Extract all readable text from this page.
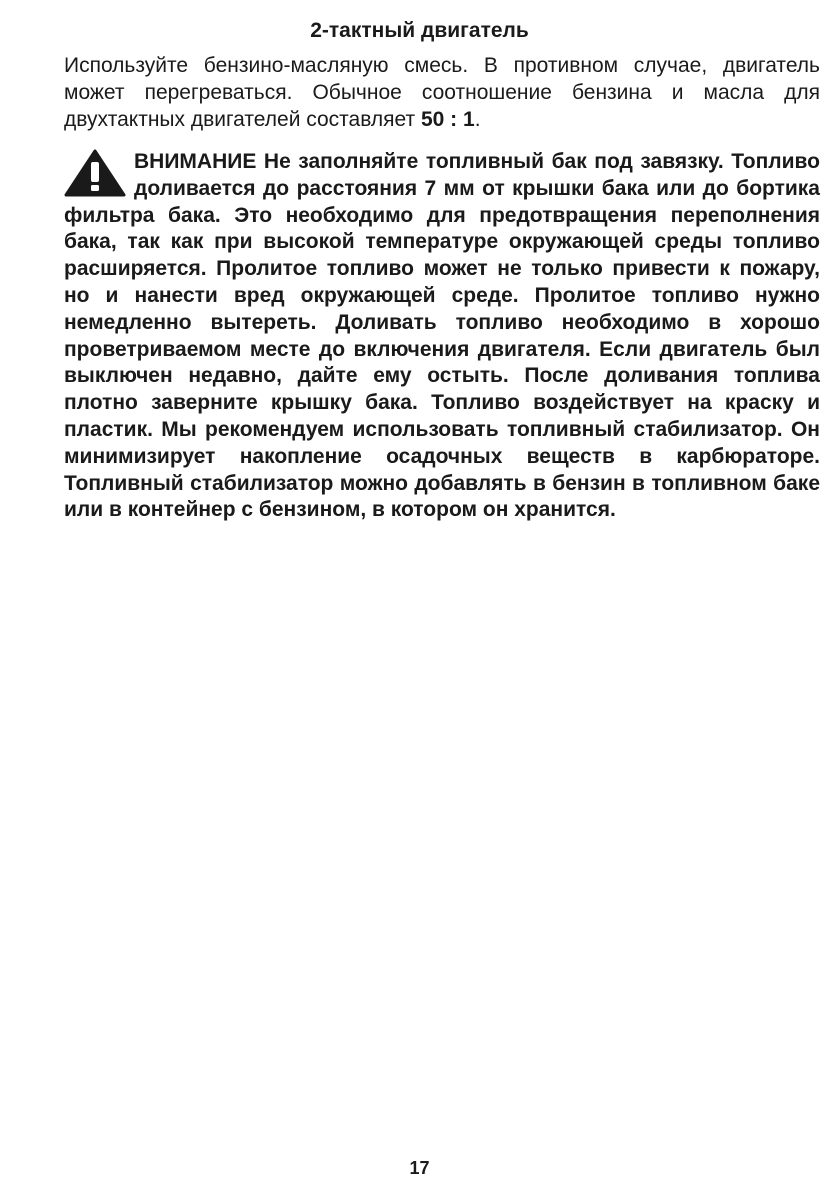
2-тактный двигатель
Используйте бензино-масляную смесь. В противном случае, двигатель может перегреваться. Обычное соотношение бензина и масла для двухтактных двигателей составляет 50 : 1.
ВНИМАНИЕ Не заполняйте топливный бак под завязку. Топливо доливается до расстояния 7 мм от крышки бака или до бортика фильтра бака. Это необходимо для предотвращения переполнения бака, так как при высокой температуре окружающей среды топливо расширяется. Пролитое топливо может не только привести к пожару, но и нанести вред окружающей среде. Пролитое топливо нужно немедленно вытереть. Доливать топливо необходимо в хорошо проветриваемом месте до включения двигателя. Если двигатель был выключен недавно, дайте ему остыть. После доливания топлива плотно заверните крышку бака. Топливо воздействует на краску и пластик. Мы рекомендуем использовать топливный стабилизатор. Он минимизирует накопление осадочных веществ в карбюраторе. Топливный стабилизатор можно добавлять в бензин в топливном баке или в контейнер с бензином, в котором он хранится.
17
